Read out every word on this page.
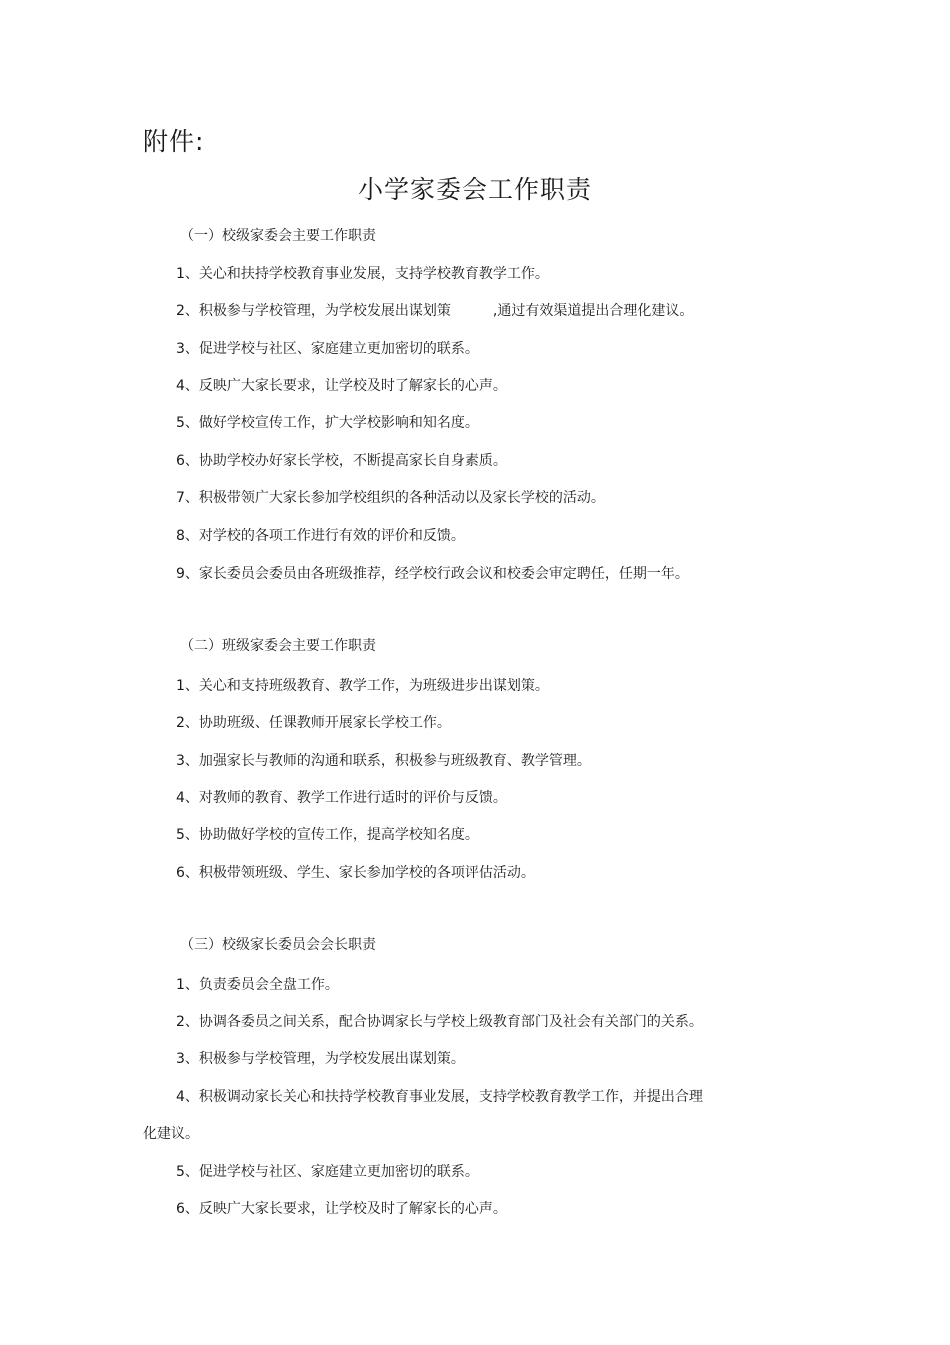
附件:
小学家委会工作职责
（一）校级家委会主要工作职责
1、关心和扶持学校教育事业发展，支持学校教育教学工作。
2、积极参与学校管理，为学校发展出谋划策　　　,通过有效渠道提出合理化建议。
3、促进学校与社区、家庭建立更加密切的联系。
4、反映广大家长要求，让学校及时了解家长的心声。
5、做好学校宣传工作，扩大学校影响和知名度。
6、协助学校办好家长学校，不断提高家长自身素质。
7、积极带领广大家长参加学校组织的各种活动以及家长学校的活动。
8、对学校的各项工作进行有效的评价和反馈。
9、家长委员会委员由各班级推荐，经学校行政会议和校委会审定聘任，任期一年。
（二）班级家委会主要工作职责
1、关心和支持班级教育、教学工作，为班级进步出谋划策。
2、协助班级、任课教师开展家长学校工作。
3、加强家长与教师的沟通和联系，积极参与班级教育、教学管理。
4、对教师的教育、教学工作进行适时的评价与反馈。
5、协助做好学校的宣传工作，提高学校知名度。
6、积极带领班级、学生、家长参加学校的各项评估活动。
（三）校级家长委员会会长职责
1、负责委员会全盘工作。
2、协调各委员之间关系，配合协调家长与学校上级教育部门及社会有关部门的关系。
3、积极参与学校管理，为学校发展出谋划策。
4、积极调动家长关心和扶持学校教育事业发展，支持学校教育教学工作，并提出合理
化建议。
5、促进学校与社区、家庭建立更加密切的联系。
6、反映广大家长要求，让学校及时了解家长的心声。
